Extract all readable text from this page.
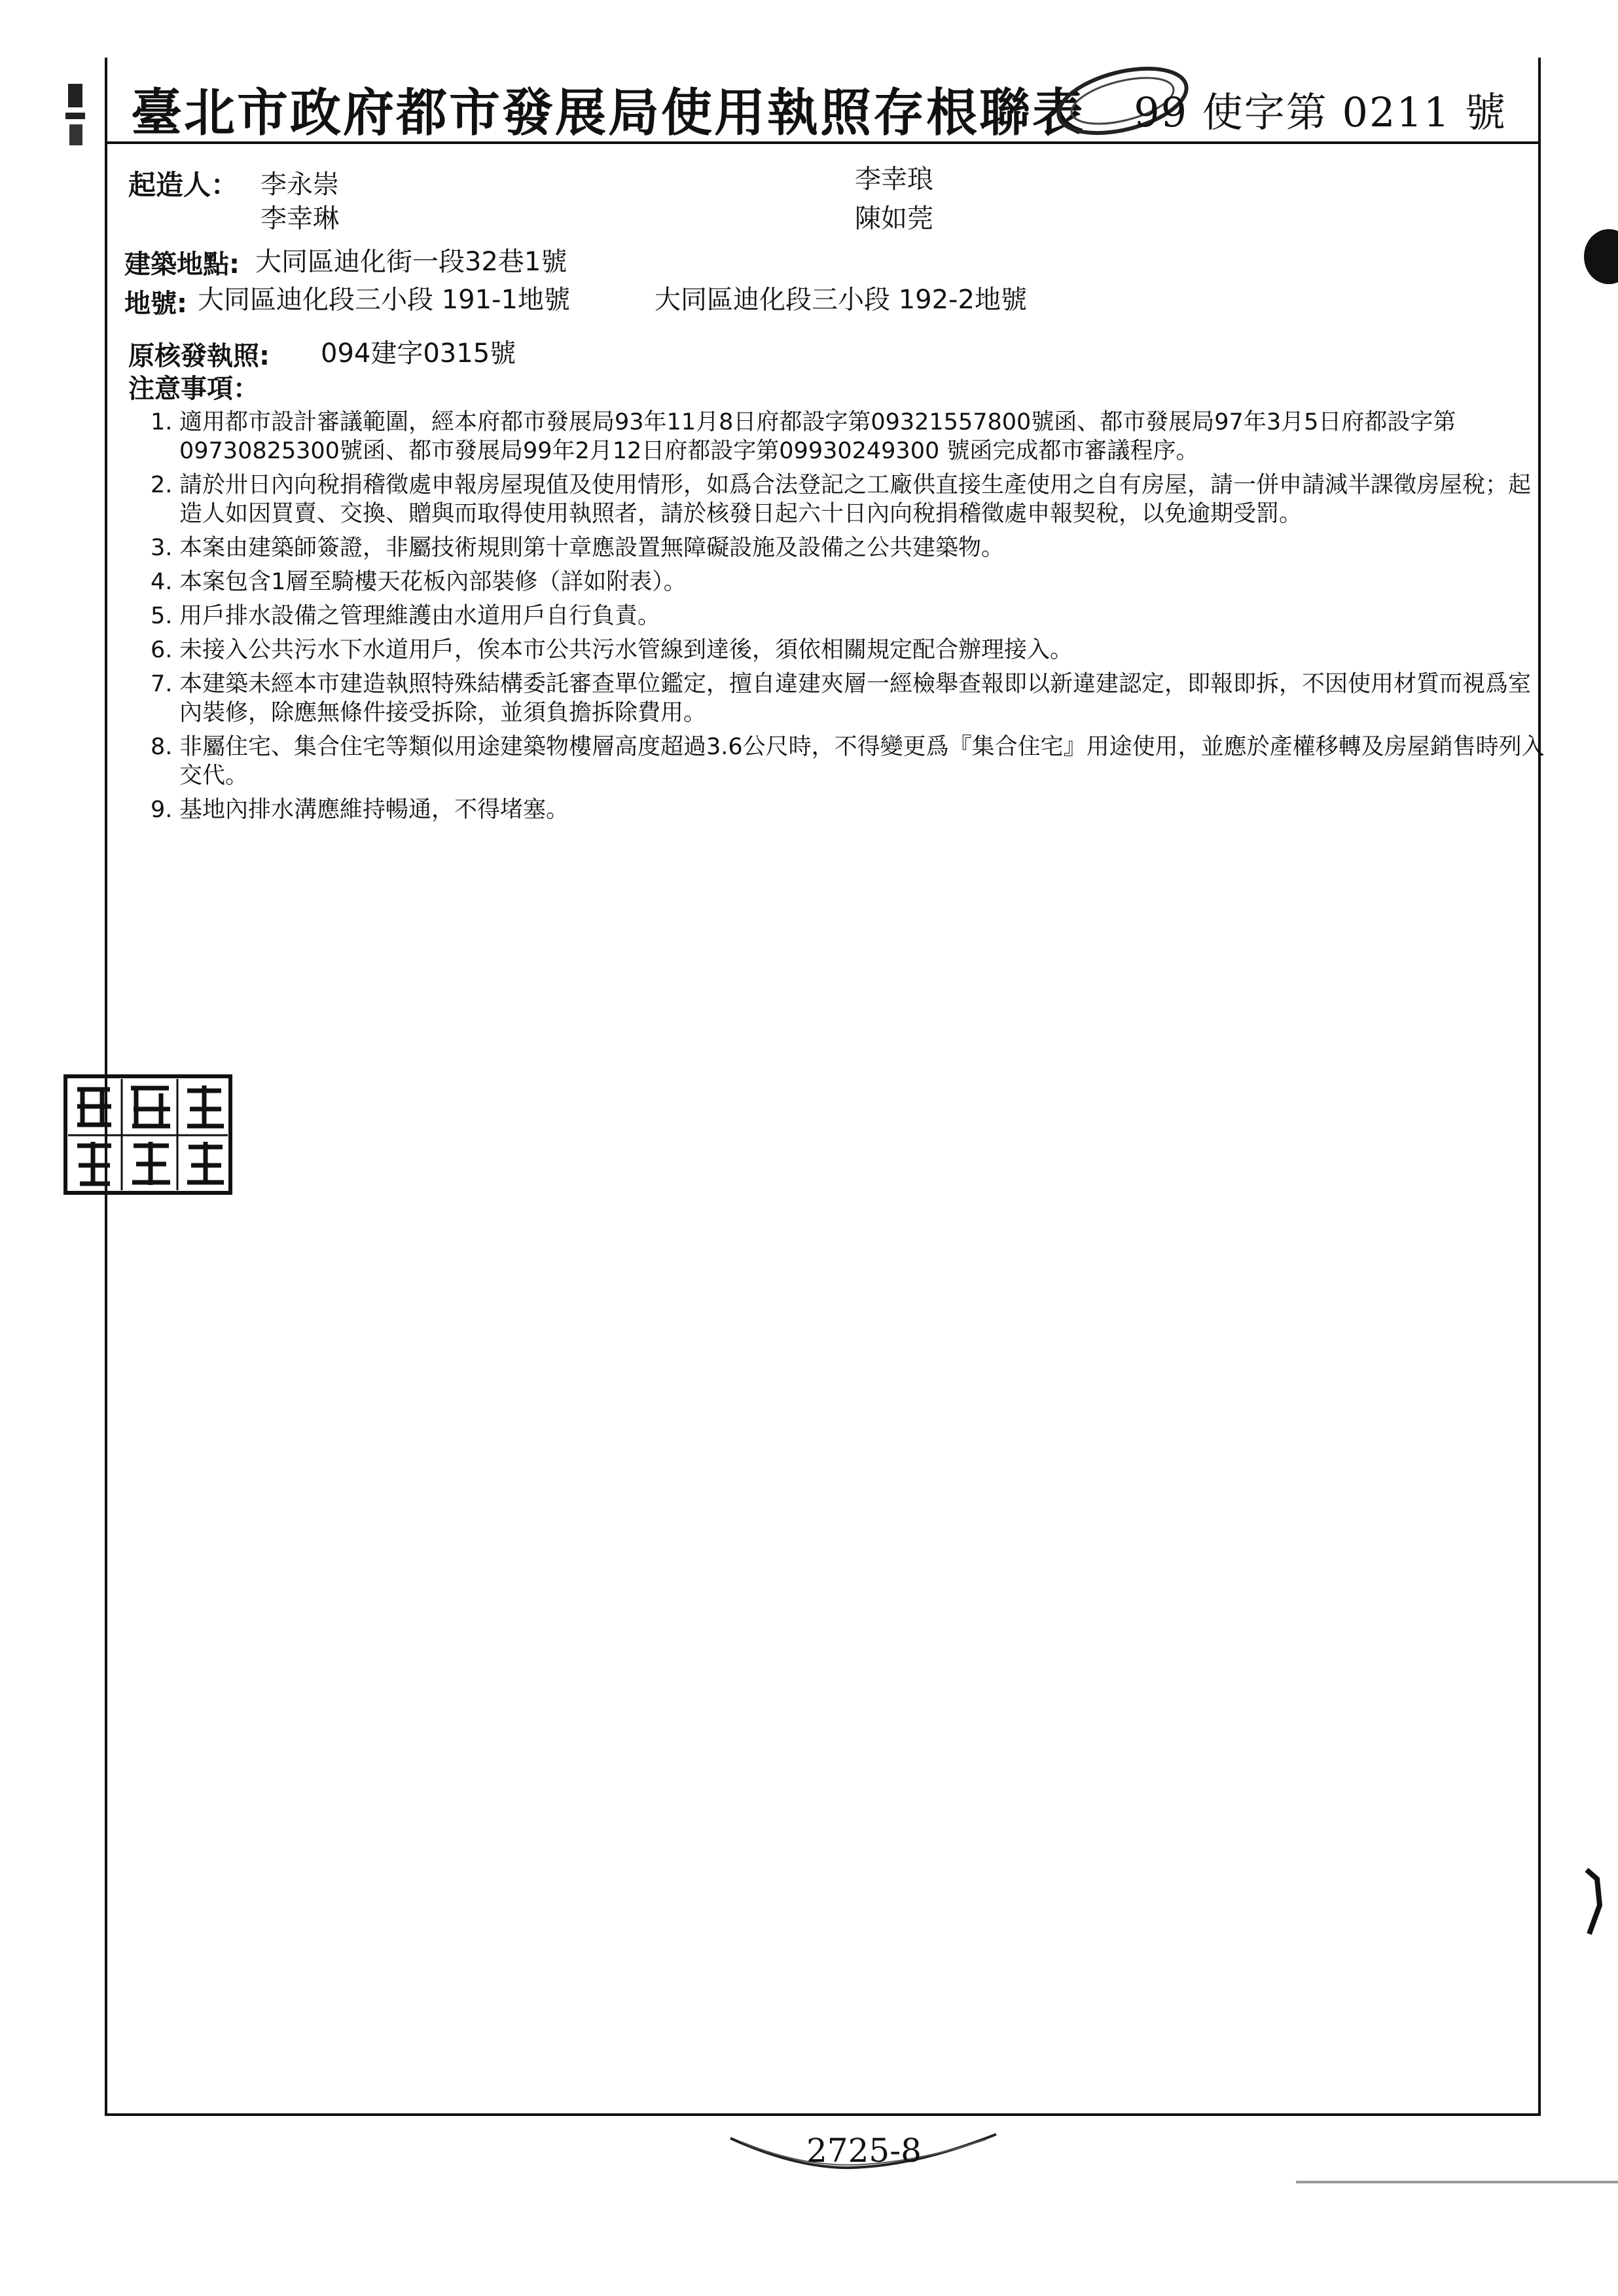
臺北市政府都市發展局使用執照存根聯表 99 使字第 0211 號
起造人： 李永崇	李幸琅
李幸琳	陳如莞
建築地點: 大同區迪化街一段32巷1號
地號: 大同區迪化段三小段 191-1地號	大同區迪化段三小段 192-2地號
原核發執照: 094建字0315號
注意事項：
1. 適用都市設計審議範圍，經本府都市發展局93年11月8日府都設字第09321557800號函、都市發展局97年3月5日府都設字第09730825300號函、都市發展局99年2月12日府都設字第09930249300 號函完成都市審議程序。
2. 請於卅日內向稅捐稽徵處申報房屋現值及使用情形，如爲合法登記之工廠供直接生產使用之自有房屋，請一併申請減半課徵房屋稅；起造人如因買賣、交換、贈與而取得使用執照者，請於核發日起六十日內向稅捐稽徵處申報契稅，以免逾期受罰。
3. 本案由建築師簽證，非屬技術規則第十章應設置無障礙設施及設備之公共建築物。
4. 本案包含1層至騎樓天花板內部裝修（詳如附表）。
5. 用戶排水設備之管理維護由水道用戶自行負責。
6. 未接入公共污水下水道用戶，俟本市公共污水管線到達後，須依相關規定配合辦理接入。
7. 本建築未經本市建造執照特殊結構委託審查單位鑑定，擅自違建夾層一經檢舉查報即以新違建認定，即報即拆，不因使用材質而視爲室內裝修，除應無條件接受拆除，並須負擔拆除費用。
8. 非屬住宅、集合住宅等類似用途建築物樓層高度超過3.6公尺時，不得變更爲『集合住宅』用途使用，並應於產權移轉及房屋銷售時列入交代。
9. 基地內排水溝應維持暢通，不得堵塞。
2725-8
